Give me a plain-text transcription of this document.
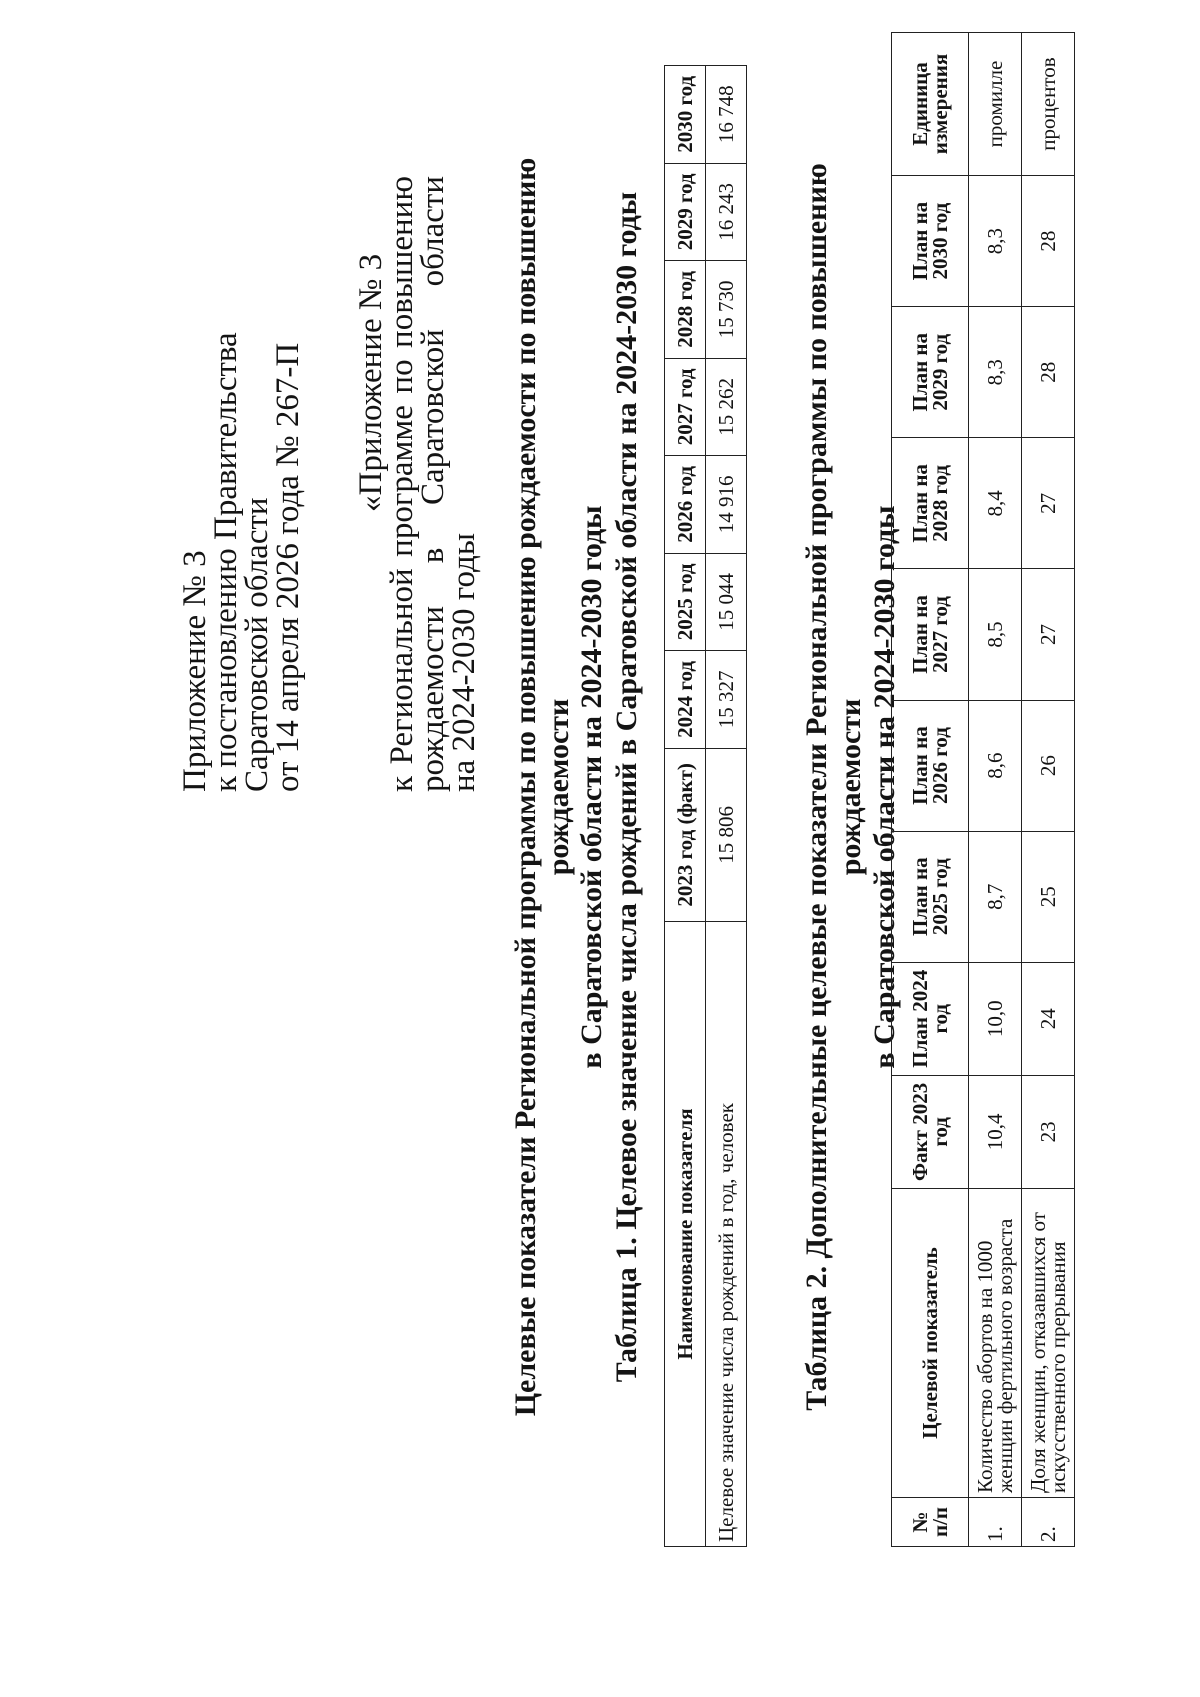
Приложение № 3
к постановлению Правительства
Саратовской области
от 14 апреля 2026 года № 267-П «Приложение № 3
к Региональной программе по повышению
рождаемости в Саратовской области
на 2024-2030 годы Целевые показатели Региональной программы по повышению рождаемости по повышению рождаемости в Саратовской области на 2024-2030 годы Таблица 1. Целевое значение числа рождений в Саратовской области на 2024-2030 годы Наименование показателя	2023 год (факт)	2024 год	2025 год	2026 год	2027 год	2028 год	2029 год	2030 год
Целевое значение числа рождений в год, человек	15 806	15 327	15 044	14 916	15 262	15 730	16 243	16 748
Таблица 2. Дополнительные целевые показатели Региональной программы по повышению рождаемости в Саратовской области на 2024-2030 годы
№ п/п	Целевой показатель	Факт 2023 год	План 2024 год	План на 2025 год	План на 2026 год	План на 2027 год	План на 2028 год	План на 2029 год	План на 2030 год	Единица измерения
1.	Количество абортов на 1000 женщин фертильного возраста	10,4	10,0	8,7	8,6	8,5	8,4	8,3	8,3	промилле
2.	Доля женщин, отказавшихся от искусственного прерывания	23	24	25	26	27	27	28	28	процентов
